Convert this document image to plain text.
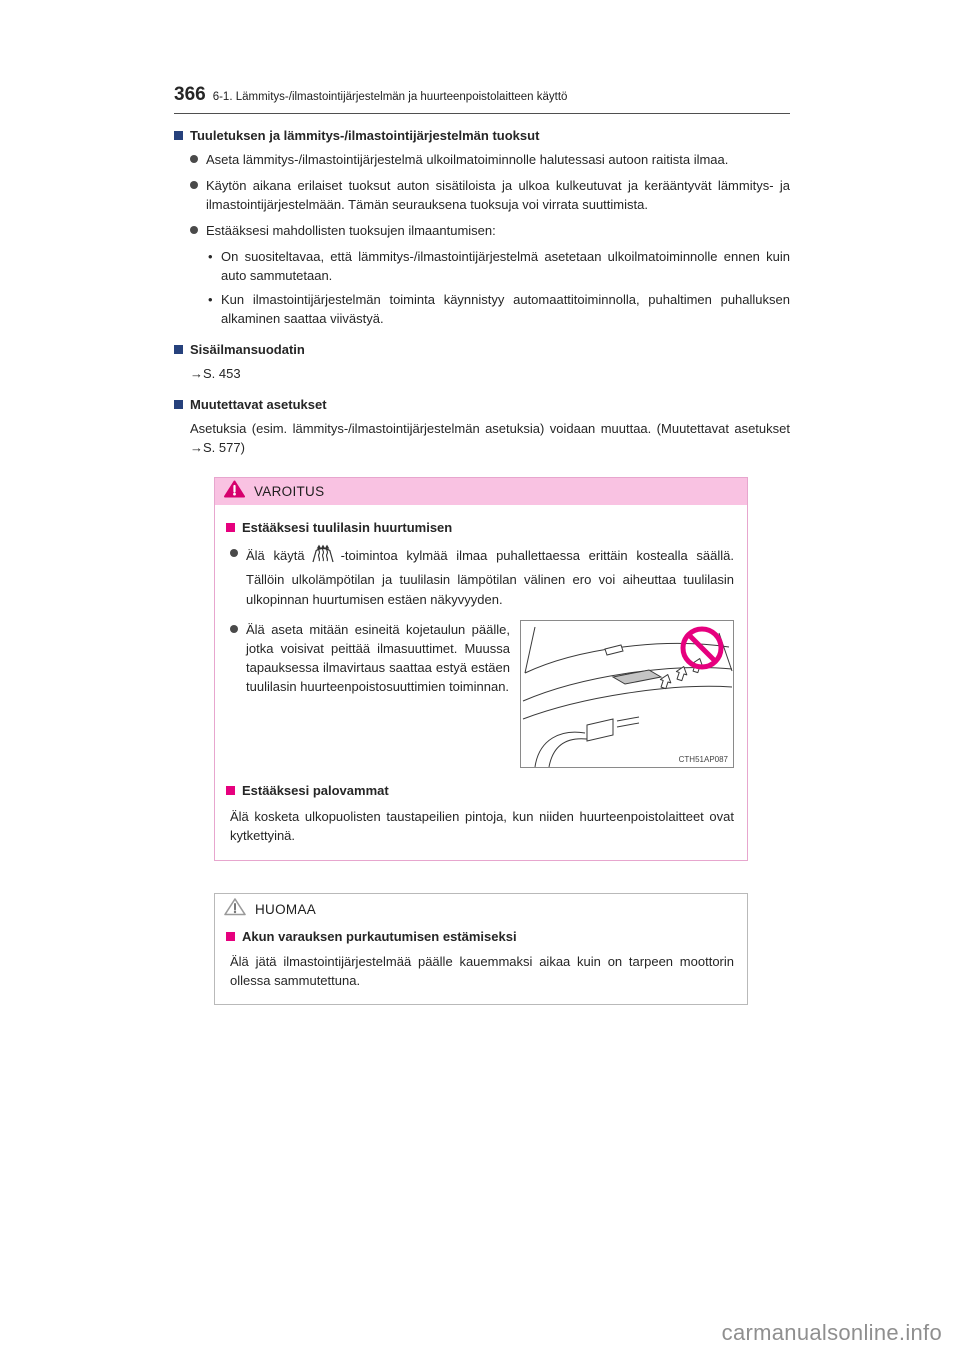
366 6-1. Lämmitys-/ilmastointijärjestelmän ja huurteenpoistolaitteen käyttö
Tuuletuksen ja lämmitys-/ilmastointijärjestelmän tuoksut
Aseta lämmitys-/ilmastointijärjestelmä ulkoilmatoiminnolle halutessasi autoon raitista ilmaa.
Käytön aikana erilaiset tuoksut auton sisätiloista ja ulkoa kulkeutuvat ja kerääntyvät lämmitys- ja ilmastointijärjestelmään. Tämän seurauksena tuoksuja voi virrata suuttimista.
Estääksesi mahdollisten tuoksujen ilmaantumisen:
• On suositeltavaa, että lämmitys-/ilmastointijärjestelmä asetetaan ulkoilmatoiminnolle ennen kuin auto sammutetaan.
• Kun ilmastointijärjestelmän toiminta käynnistyy automaattitoiminnolla, puhaltimen puhalluksen alkaminen saattaa viivästyä.
Sisäilmansuodatin
→S. 453
Muutettavat asetukset
Asetuksia (esim. lämmitys-/ilmastointijärjestelmän asetuksia) voidaan muuttaa. (Muutettavat asetukset →S. 577)
VAROITUS
Estääksesi tuulilasin huurtumisen
Älä käytä	-toimintoa kylmää ilmaa puhallettaessa erittäin kostealla säällä. Tällöin ulkolämpötilan ja tuulilasin lämpötilan välinen ero voi aiheuttaa tuulilasin ulkopinnan huurtumisen estäen näkyvyyden.
Älä aseta mitään esineitä kojetaulun päälle, jotka voisivat peittää ilmasuuttimet. Muussa tapauksessa ilmavirtaus saattaa estyä estäen tuulilasin huurteenpoistosuuttimien toiminnan.
CTH51AP087
Estääksesi palovammat
Älä kosketa ulkopuolisten taustapeilien pintoja, kun niiden huurteenpoistolaitteet ovat kytkettyinä.
HUOMAA
Akun varauksen purkautumisen estämiseksi
Älä jätä ilmastointijärjestelmää päälle kauemmaksi aikaa kuin on tarpeen moottorin ollessa sammutettuna.
carmanualsonline.info
